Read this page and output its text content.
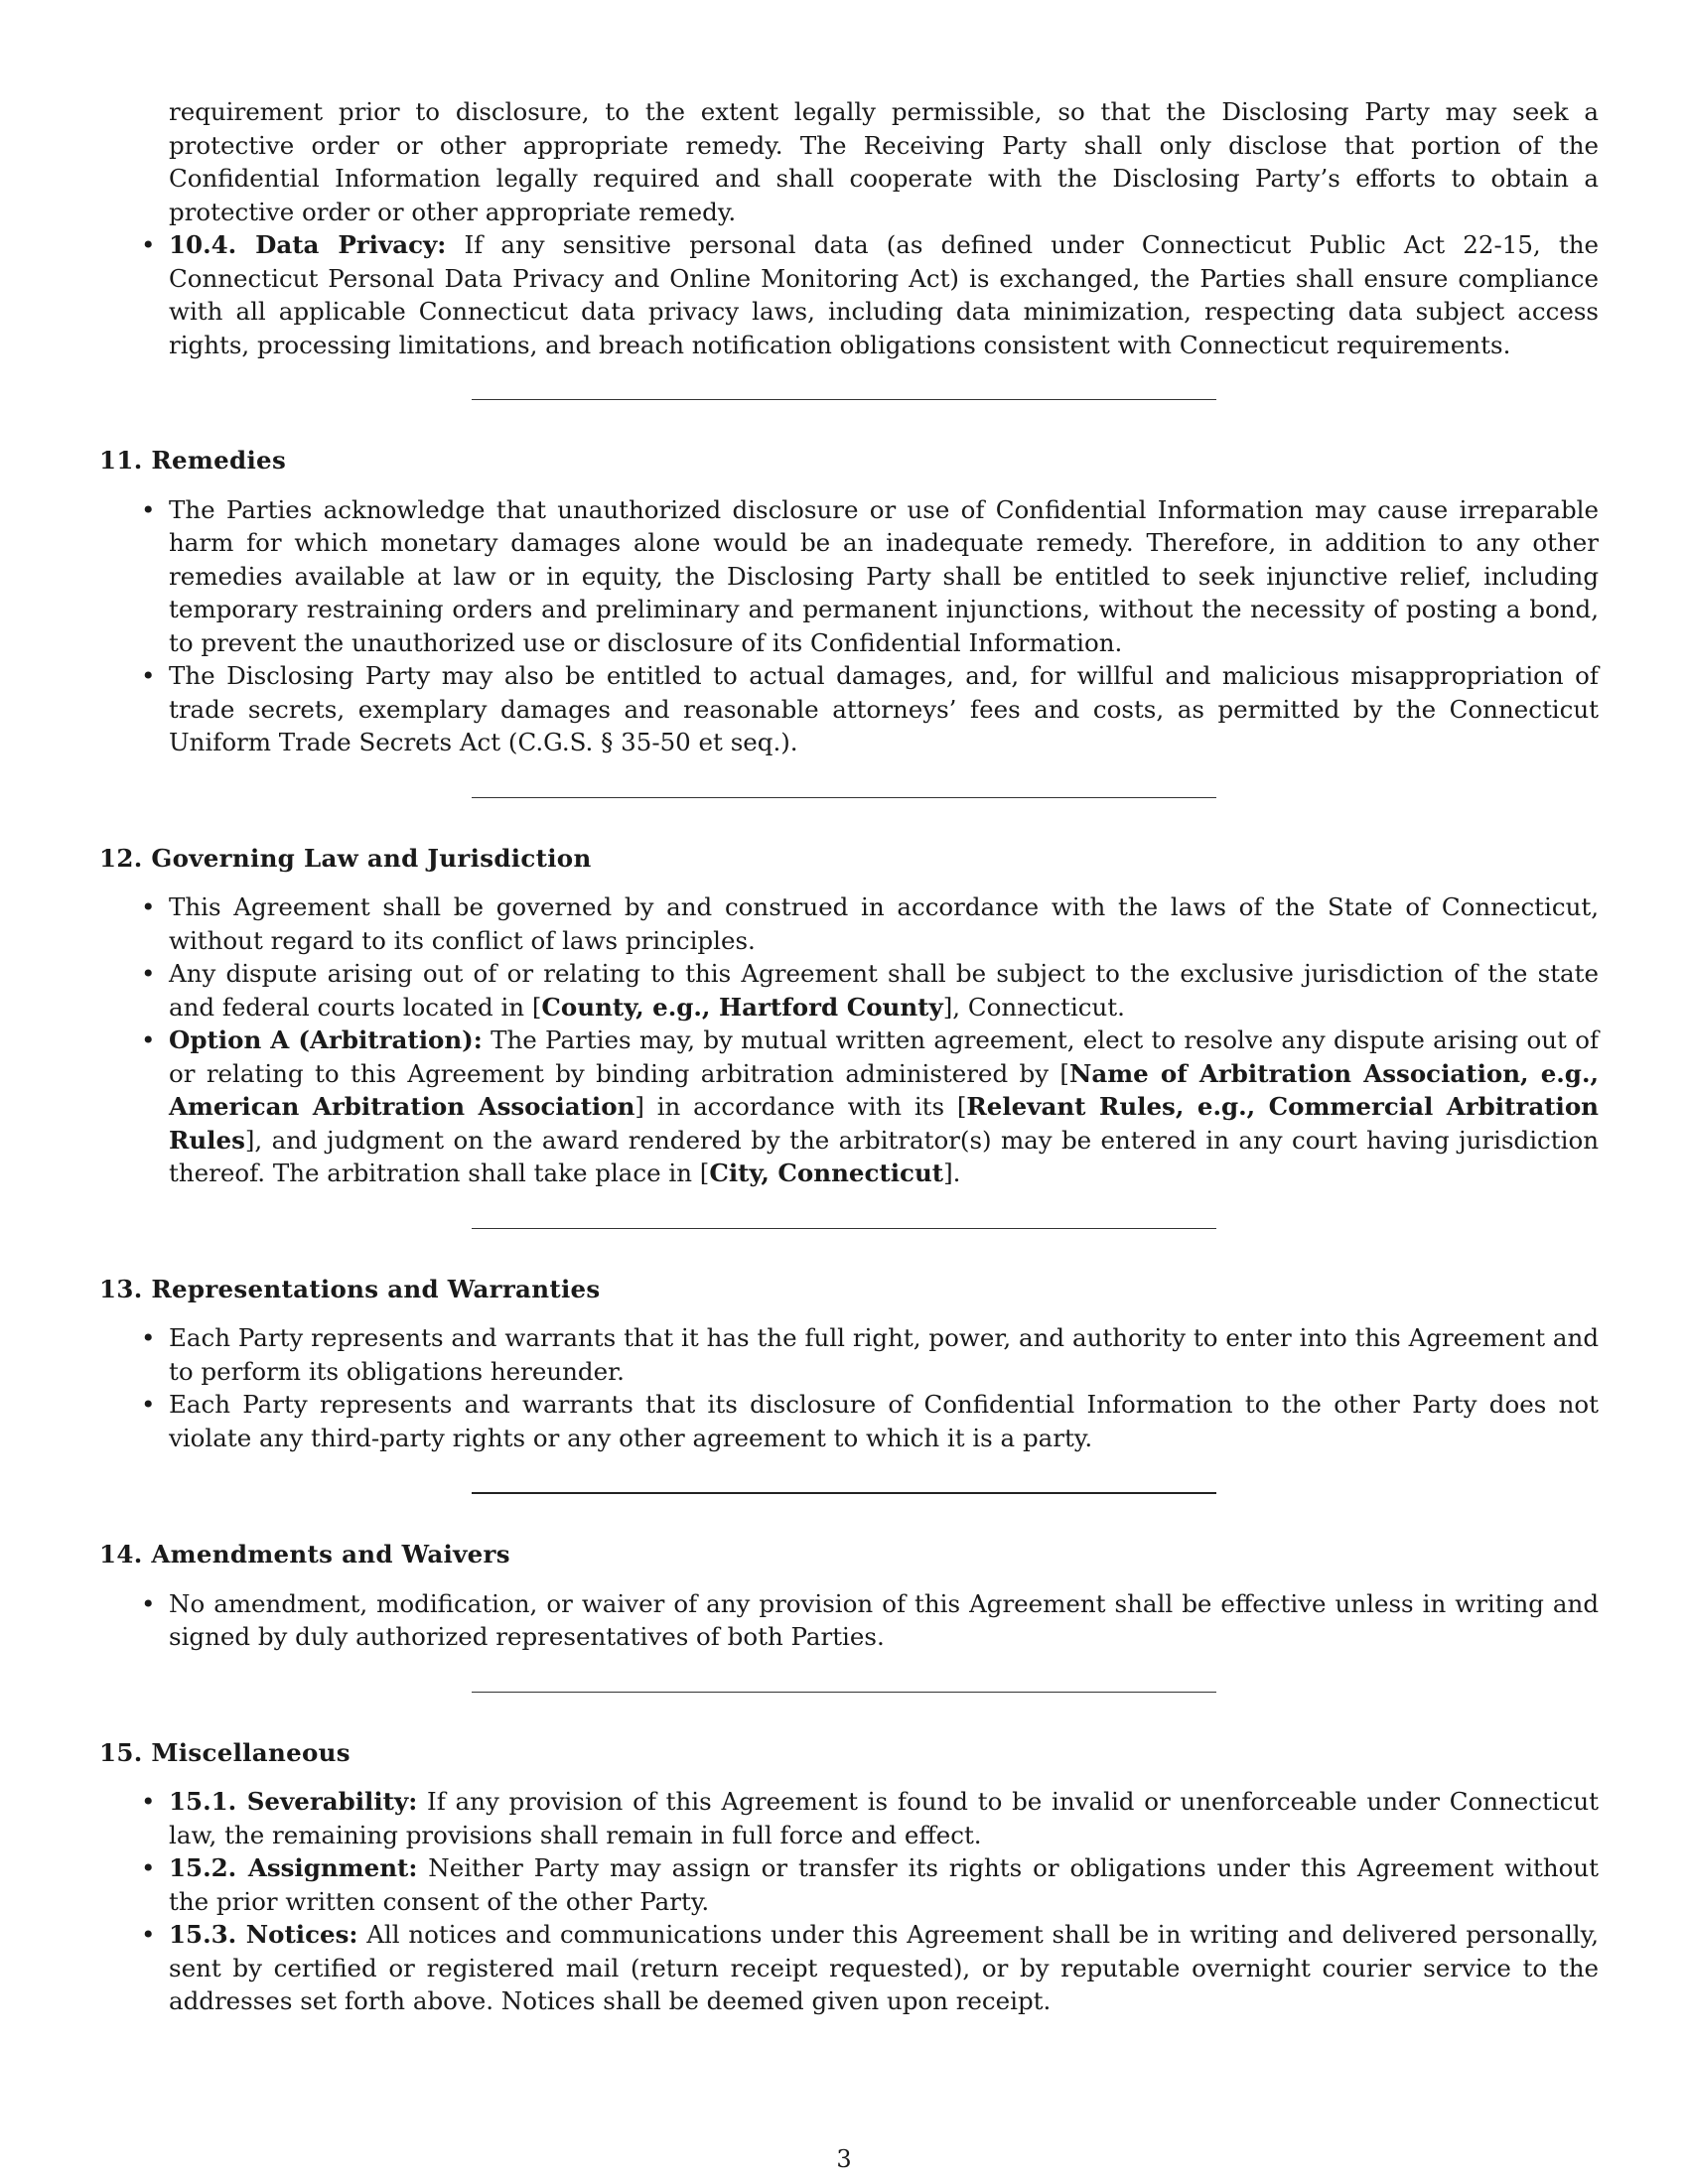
requirement prior to disclosure, to the extent legally permissible, so that the Disclosing Party may seek a protective order or other appropriate remedy. The Receiving Party shall only disclose that portion of the Confidential Information legally required and shall cooperate with the Disclosing Party’s efforts to obtain a protective order or other appropriate remedy.

• 10.4. Data Privacy: If any sensitive personal data (as defined under Connecticut Public Act 22-15, the Connecticut Personal Data Privacy and Online Monitoring Act) is exchanged, the Parties shall ensure compliance with all applicable Connecticut data privacy laws, including data minimization, respecting data subject access rights, processing limitations, and breach notification obligations consistent with Connecticut requirements.
11. Remedies
• The Parties acknowledge that unauthorized disclosure or use of Confidential Information may cause irreparable harm for which monetary damages alone would be an inadequate remedy. Therefore, in addition to any other remedies available at law or in equity, the Disclosing Party shall be entitled to seek injunctive relief, including temporary restraining orders and preliminary and permanent injunctions, without the necessity of posting a bond, to prevent the unauthorized use or disclosure of its Confidential Information.
• The Disclosing Party may also be entitled to actual damages, and, for willful and malicious misappropriation of trade secrets, exemplary damages and reasonable attorneys’ fees and costs, as permitted by the Connecticut Uniform Trade Secrets Act (C.G.S. § 35-50 et seq.).
12. Governing Law and Jurisdiction
• This Agreement shall be governed by and construed in accordance with the laws of the State of Connecticut, without regard to its conflict of laws principles.
• Any dispute arising out of or relating to this Agreement shall be subject to the exclusive jurisdiction of the state and federal courts located in [County, e.g., Hartford County], Connecticut.
• Option A (Arbitration): The Parties may, by mutual written agreement, elect to resolve any dispute arising out of or relating to this Agreement by binding arbitration administered by [Name of Arbitration Association, e.g., American Arbitration Association] in accordance with its [Relevant Rules, e.g., Commercial Arbitration Rules], and judgment on the award rendered by the arbitrator(s) may be entered in any court having jurisdiction thereof. The arbitration shall take place in [City, Connecticut].
13. Representations and Warranties
• Each Party represents and warrants that it has the full right, power, and authority to enter into this Agreement and to perform its obligations hereunder.
• Each Party represents and warrants that its disclosure of Confidential Information to the other Party does not violate any third-party rights or any other agreement to which it is a party.
14. Amendments and Waivers
• No amendment, modification, or waiver of any provision of this Agreement shall be effective unless in writing and signed by duly authorized representatives of both Parties.
15. Miscellaneous
• 15.1. Severability: If any provision of this Agreement is found to be invalid or unenforceable under Connecticut law, the remaining provisions shall remain in full force and effect.
• 15.2. Assignment: Neither Party may assign or transfer its rights or obligations under this Agreement without the prior written consent of the other Party.
• 15.3. Notices: All notices and communications under this Agreement shall be in writing and delivered personally, sent by certified or registered mail (return receipt requested), or by reputable overnight courier service to the addresses set forth above. Notices shall be deemed given upon receipt.
3
